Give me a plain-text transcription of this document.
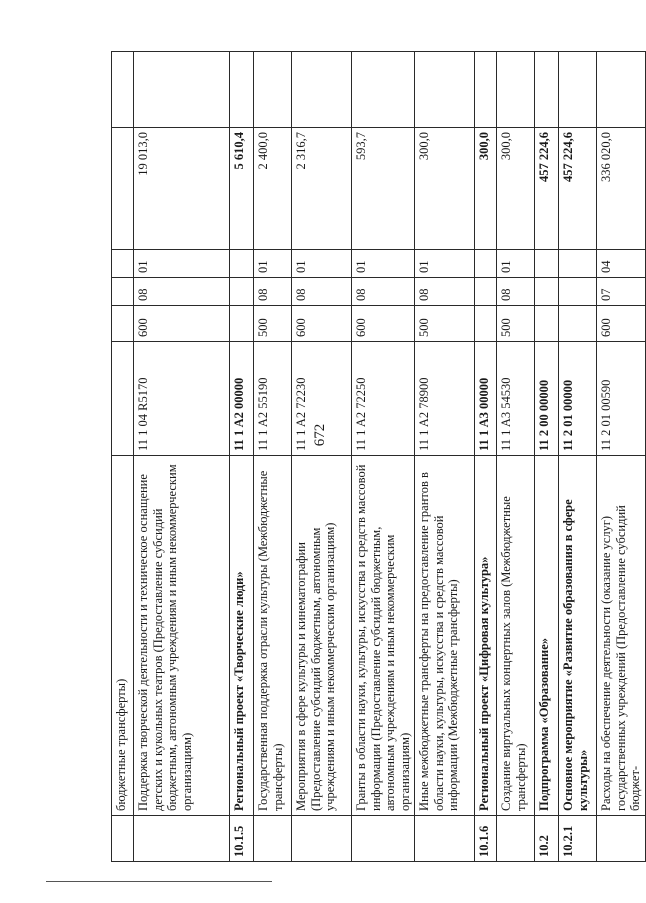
672
	бюджетные трансферты)						
	Поддержка творческой деятельности и техническое оснащение детских и кукольных театров (Предоставление субсидий бюджетным, автономным учреждениям и иным некоммерческим организациям)	11 1 04 R5170	600	08	01	19 013,0	
10.1.5	Региональный проект «Творческие люди»	11 1 A2 00000				5 610,4	
	Государственная поддержка отрасли культуры (Межбюджетные трансферты)	11 1 A2 55190	500	08	01	2 400,0	
	Мероприятия в сфере культуры и кинематографии (Предоставление субсидий бюджетным, автономным учреждениям и иным некоммерческим организациям)	11 1 A2 72230	600	08	01	2 316,7	
	Гранты в области науки, культуры, искусства и средств массовой информации (Предоставление субсидий бюджетным, автономным учреждениям и иным некоммерческим организациям)	11 1 A2 72250	600	08	01	593,7	
	Иные межбюджетные трансферты на предоставление грантов в области науки, культуры, искусства и средств массовой информации (Межбюджетные трансферты)	11 1 A2 78900	500	08	01	300,0	
10.1.6	Региональный проект «Цифровая культура»	11 1 A3 00000				300,0	
	Создание виртуальных концертных залов (Межбюджетные трансферты)	11 1 A3 54530	500	08	01	300,0	
10.2	Подпрограмма «Образование»	11 2 00 00000				457 224,6	
10.2.1	Основное мероприятие «Развитие образования в сфере культуры»	11 2 01 00000				457 224,6	
	Расходы на обеспечение деятельности (оказание услуг) государственных учреждений (Предоставление субсидий бюджет-	11 2 01 00590	600	07	04	336 020,0	
